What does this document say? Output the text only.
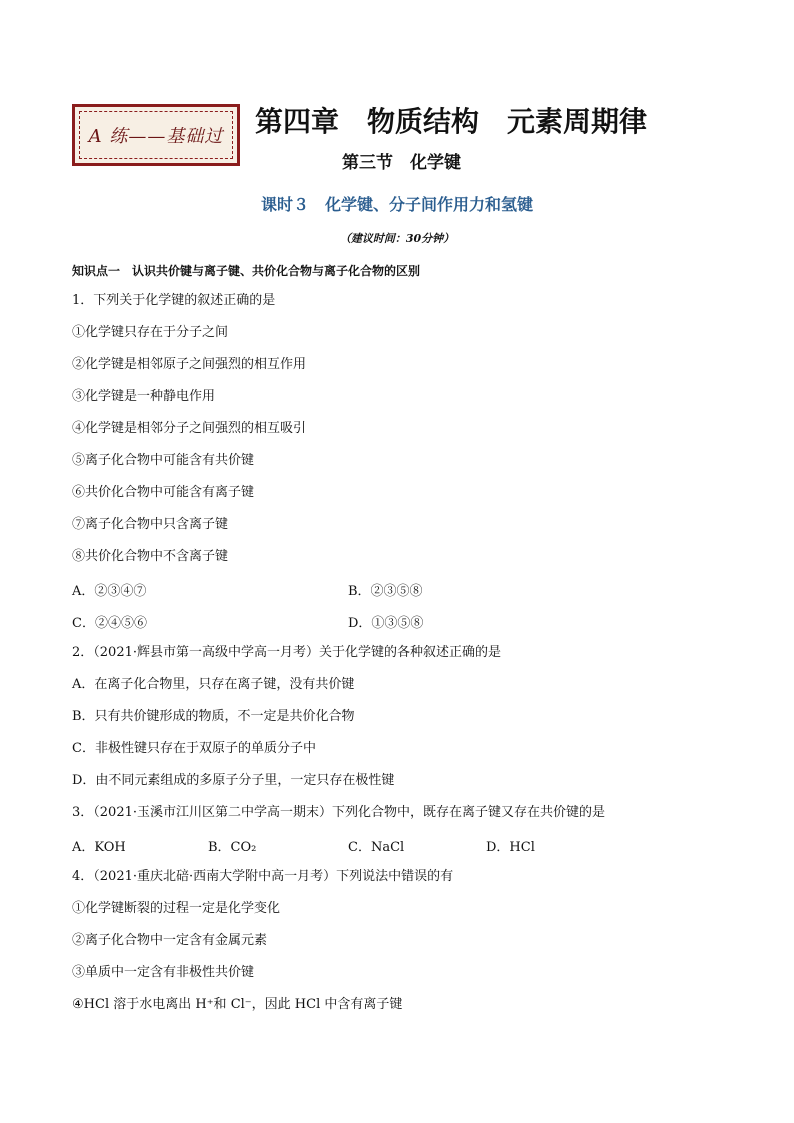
A 练——基础过 第四章　物质结构　元素周期律
第三节　化学键
课时３　化学键、分子间作用力和氢键
（建议时间：30分钟）
知识点一　认识共价键与离子键、共价化合物与离子化合物的区别
1．下列关于化学键的叙述正确的是
①化学键只存在于分子之间
②化学键是相邻原子之间强烈的相互作用
③化学键是一种静电作用
④化学键是相邻分子之间强烈的相互吸引
⑤离子化合物中可能含有共价键
⑥共价化合物中可能含有离子键
⑦离子化合物中只含离子键
⑧共价化合物中不含离子键
A．②③④⑦	B．②③⑤⑧
C．②④⑤⑥	D．①③⑤⑧
2．（2021·辉县市第一高级中学高一月考）关于化学键的各种叙述正确的是
A．在离子化合物里，只存在离子键，没有共价键
B．只有共价键形成的物质，不一定是共价化合物
C．非极性键只存在于双原子的单质分子中
D．由不同元素组成的多原子分子里，一定只存在极性键
3．（2021·玉溪市江川区第二中学高一期末）下列化合物中，既存在离子键又存在共价键的是
A．KOH	B．CO₂	C．NaCl	D．HCl
4．（2021·重庆北碚·西南大学附中高一月考）下列说法中错误的有
①化学键断裂的过程一定是化学变化
②离子化合物中一定含有金属元素
③单质中一定含有非极性共价键
④HCl 溶于水电离出 H⁺和 Cl⁻，因此 HCl 中含有离子键
